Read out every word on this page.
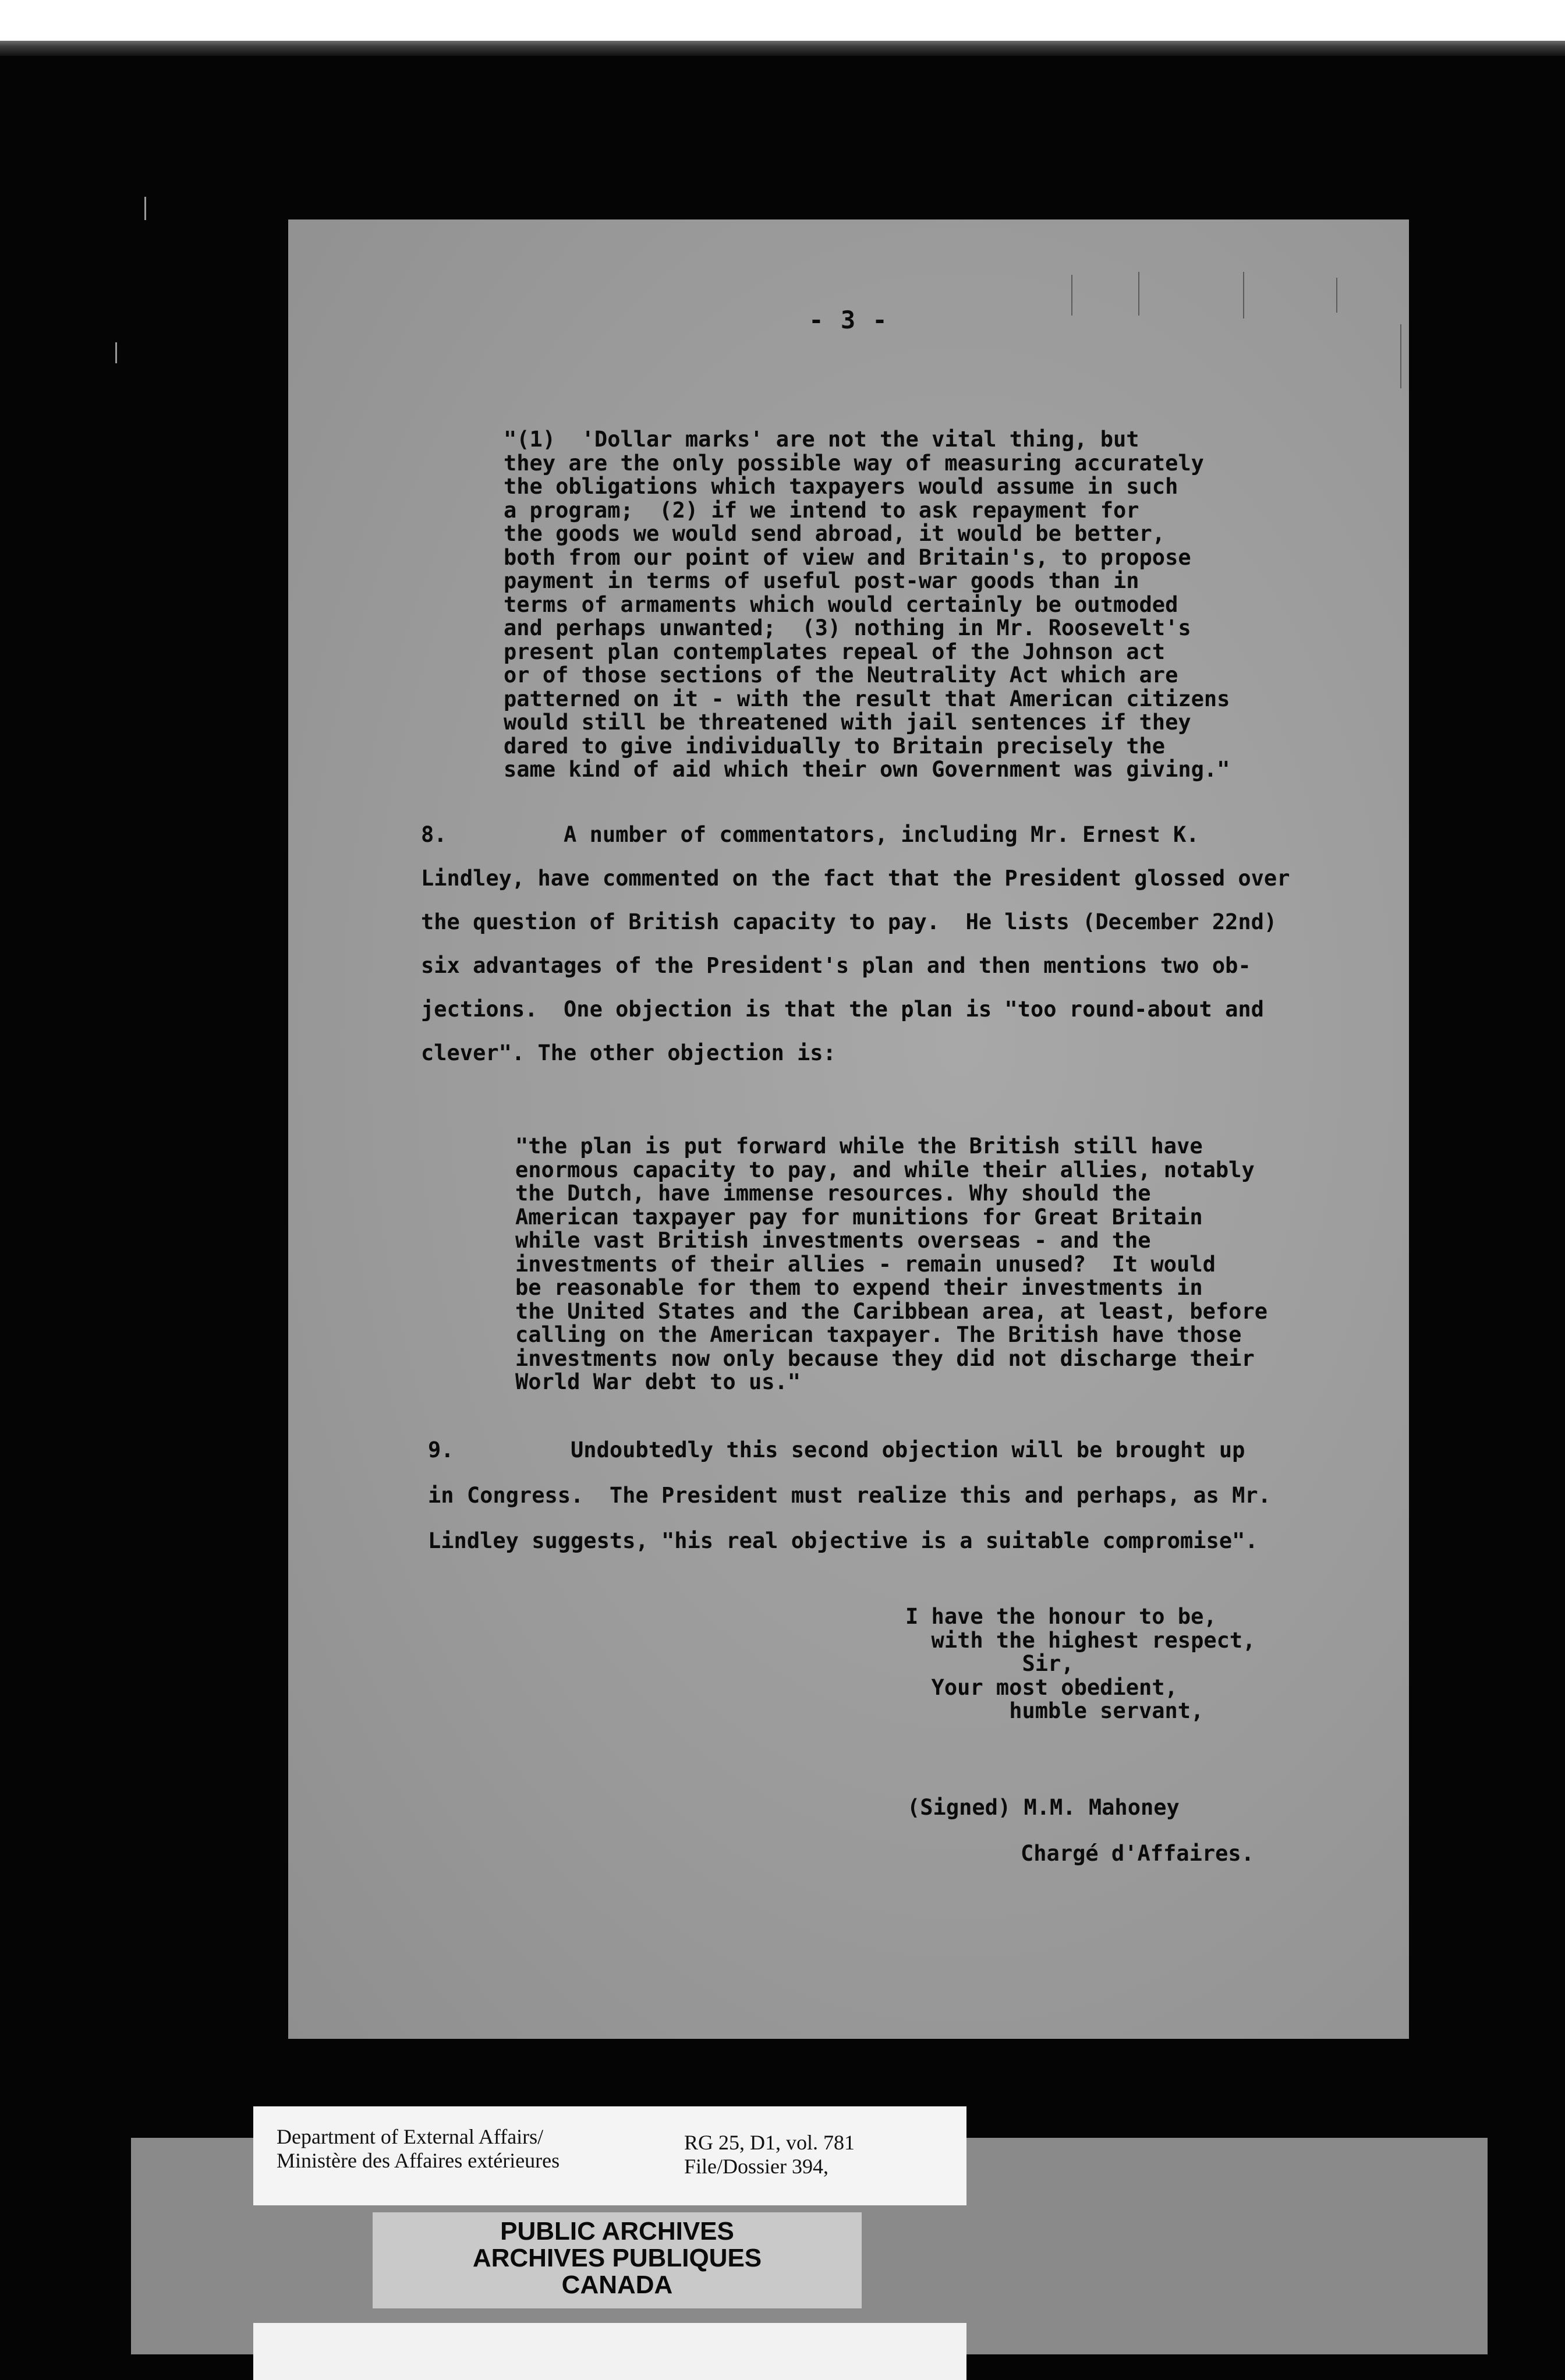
- 3 -
"(1)  'Dollar marks' are not the vital thing, but
they are the only possible way of measuring accurately
the obligations which taxpayers would assume in such
a program;  (2) if we intend to ask repayment for
the goods we would send abroad, it would be better,
both from our point of view and Britain's, to propose
payment in terms of useful post-war goods than in
terms of armaments which would certainly be outmoded
and perhaps unwanted;  (3) nothing in Mr. Roosevelt's
present plan contemplates repeal of the Johnson act
or of those sections of the Neutrality Act which are
patterned on it - with the result that American citizens
would still be threatened with jail sentences if they
dared to give individually to Britain precisely the
same kind of aid which their own Government was giving."
8.         A number of commentators, including Mr. Ernest K.
Lindley, have commented on the fact that the President glossed over
the question of British capacity to pay.  He lists (December 22nd)
six advantages of the President's plan and then mentions two ob-
jections.  One objection is that the plan is "too round-about and
clever". The other objection is:
"the plan is put forward while the British still have
enormous capacity to pay, and while their allies, notably
the Dutch, have immense resources. Why should the
American taxpayer pay for munitions for Great Britain
while vast British investments overseas - and the
investments of their allies - remain unused?  It would
be reasonable for them to expend their investments in
the United States and the Caribbean area, at least, before
calling on the American taxpayer. The British have those
investments now only because they did not discharge their
World War debt to us."
9.         Undoubtedly this second objection will be brought up
in Congress.  The President must realize this and perhaps, as Mr.
Lindley suggests, "his real objective is a suitable compromise".
I have the honour to be,
with the highest respect,
Sir,
Your most obedient,
humble servant,
(Signed) M.M. Mahoney
Chargé d'Affaires.
Department of External Affairs/
Ministère des Affaires extérieures
RG 25, D1, vol. 781
File/Dossier 394,
PUBLIC ARCHIVES
ARCHIVES PUBLIQUES
CANADA
